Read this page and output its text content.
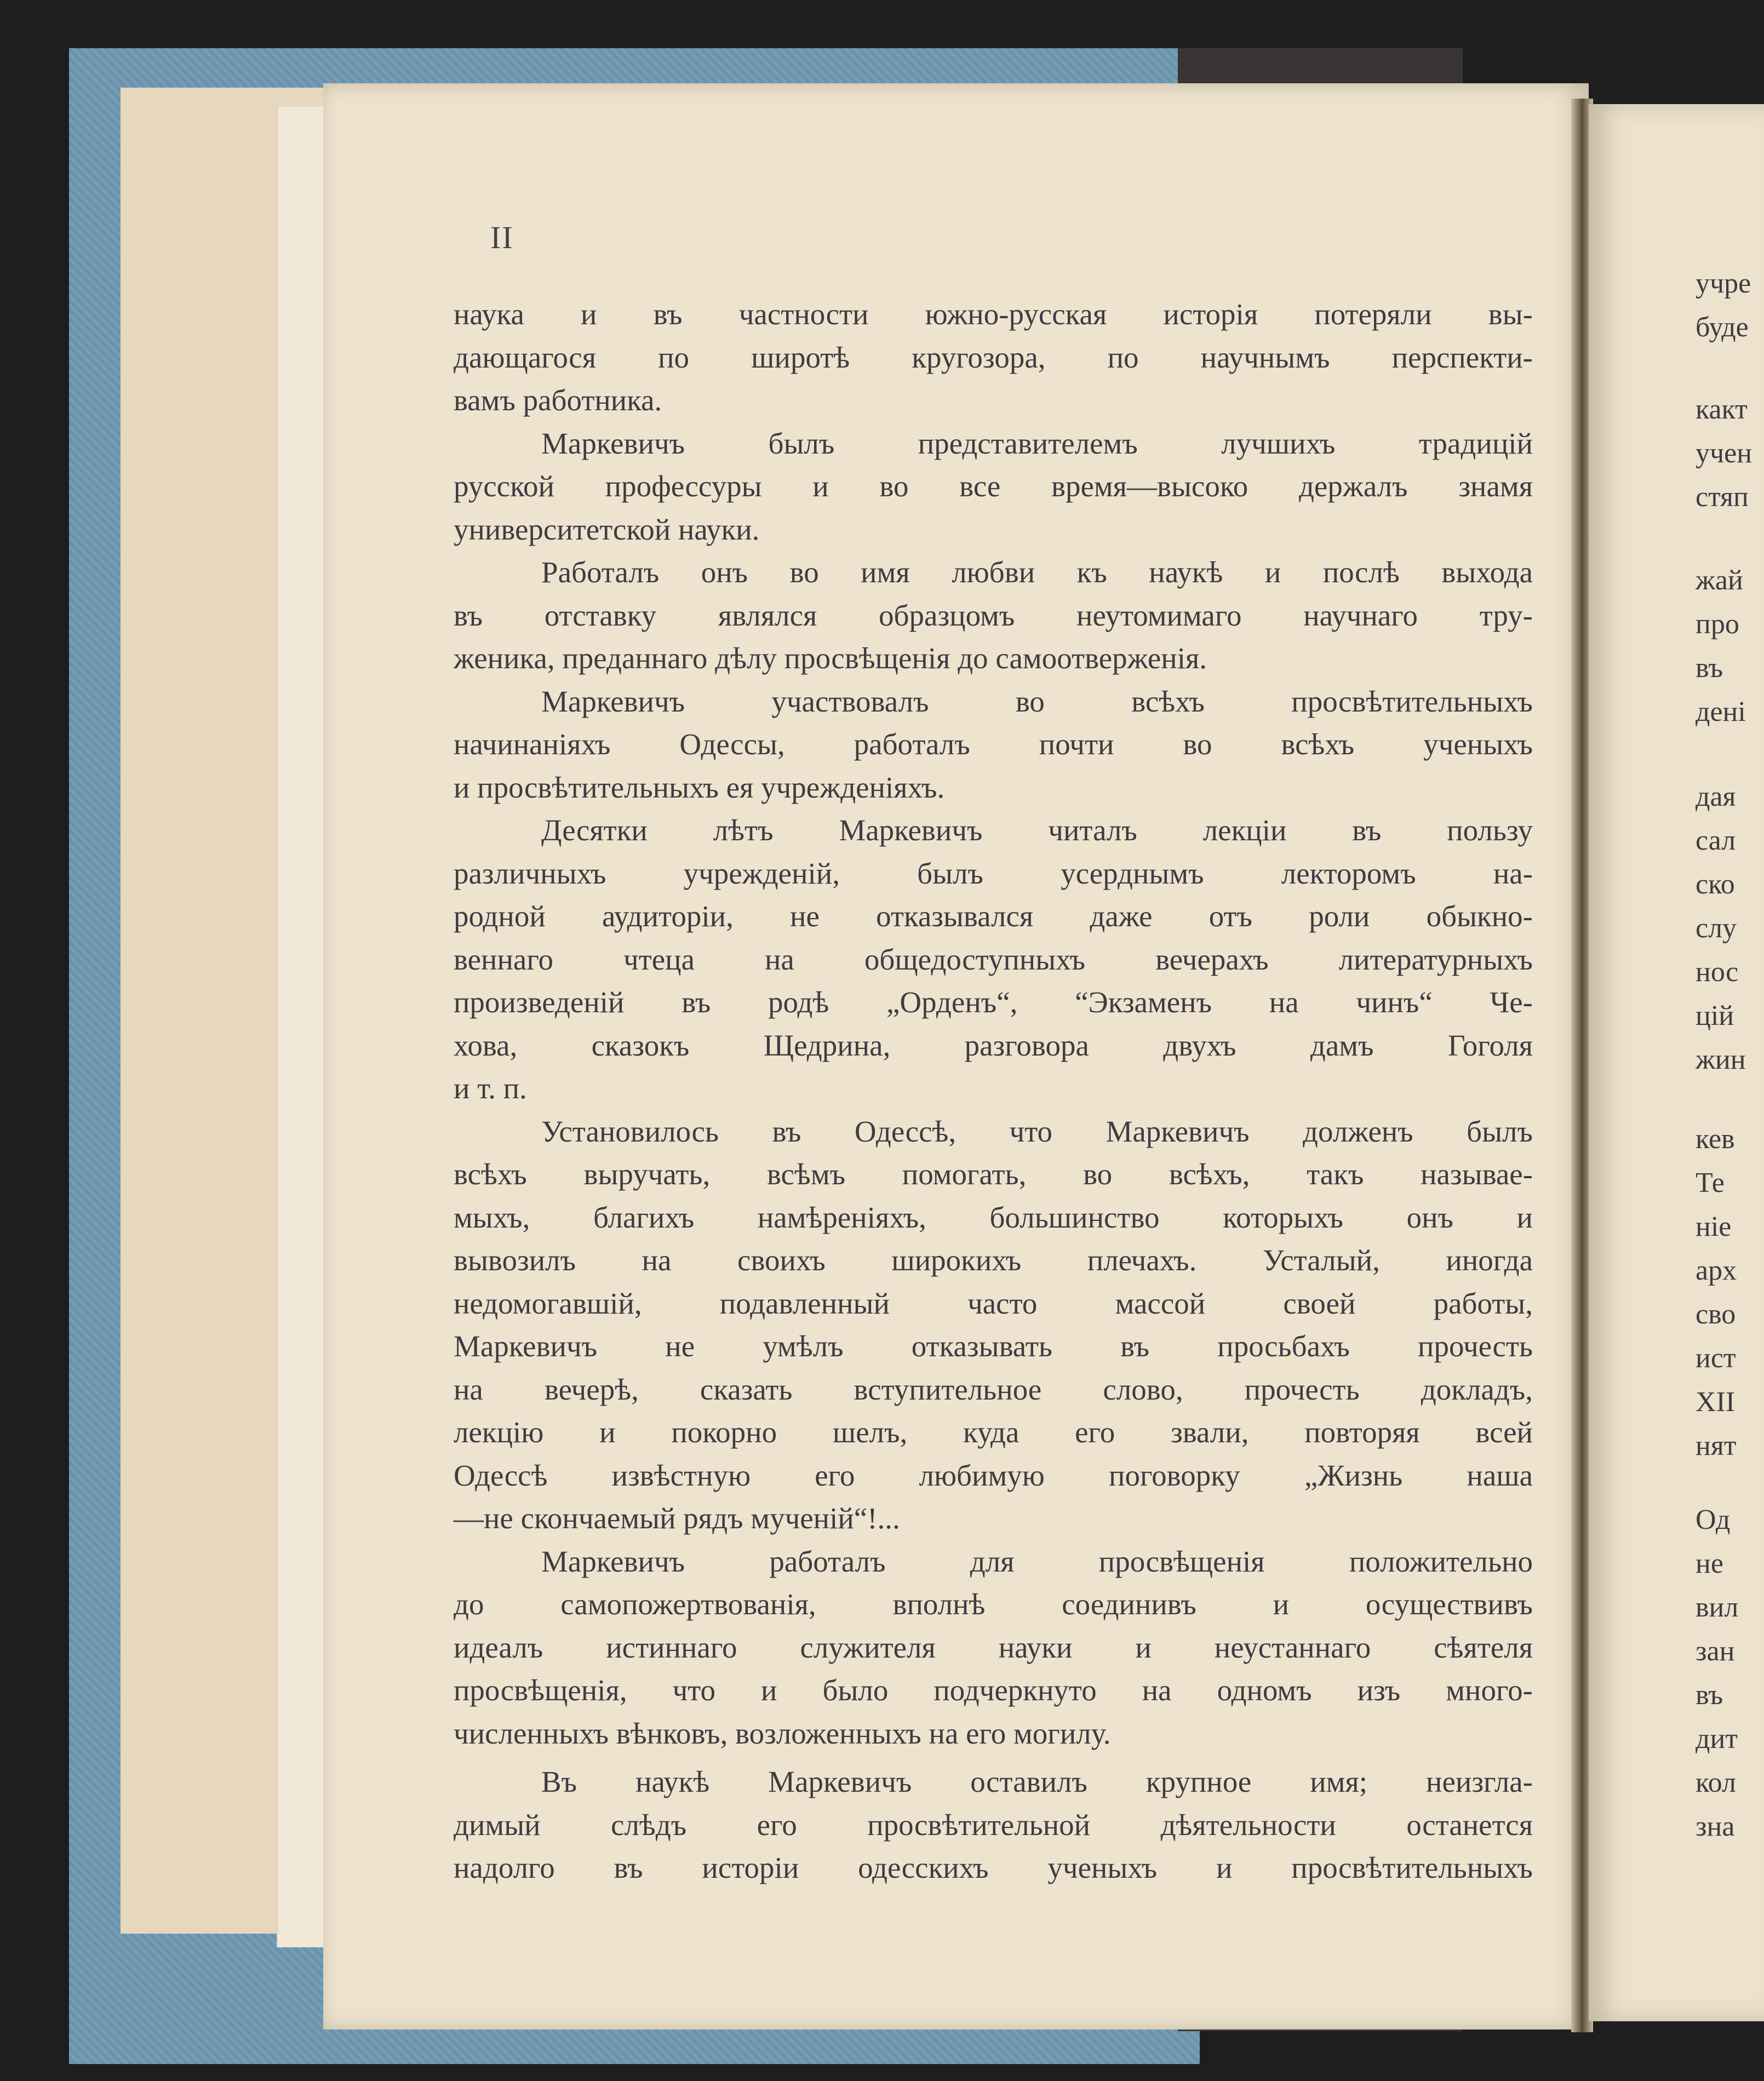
II
наука и въ частности южно-русская исторія потеряли вы-
дающагося по широтѣ кругозора, по научнымъ перспекти-
вамъ работника.
Маркевичъ былъ представителемъ лучшихъ традицій
русской профессуры и во все время—высоко держалъ знамя
университетской науки.
Работалъ онъ во имя любви къ наукѣ и послѣ выхода
въ отставку являлся образцомъ неутомимаго научнаго тру-
женика, преданнаго дѣлу просвѣщенія до самоотверженія.
Маркевичъ участвовалъ во всѣхъ просвѣтительныхъ
начинаніяхъ Одессы, работалъ почти во всѣхъ ученыхъ
и просвѣтительныхъ ея учрежденіяхъ.
Десятки лѣтъ Маркевичъ читалъ лекціи въ пользу
различныхъ учрежденій, былъ усерднымъ лекторомъ на-
родной аудиторіи, не отказывался даже отъ роли обыкно-
веннаго чтеца на общедоступныхъ вечерахъ литературныхъ
произведеній въ родѣ „Орденъ“, “Экзаменъ на чинъ“ Че-
хова, сказокъ Щедрина, разговора двухъ дамъ Гоголя
и т. п.
Установилось въ Одессѣ, что Маркевичъ долженъ былъ
всѣхъ выручать, всѣмъ помогать, во всѣхъ, такъ называе-
мыхъ, благихъ намѣреніяхъ, большинство которыхъ онъ и
вывозилъ на своихъ широкихъ плечахъ. Усталый, иногда
недомогавшій, подавленный часто массой своей работы,
Маркевичъ не умѣлъ отказывать въ просьбахъ прочесть
на вечерѣ, сказать вступительное слово, прочесть докладъ,
лекцію и покорно шелъ, куда его звали, повторяя всей
Одессѣ извѣстную его любимую поговорку „Жизнь наша
—не скончаемый рядъ мученій“!...
Маркевичъ работалъ для просвѣщенія положительно
до самопожертвованія, вполнѣ соединивъ и осуществивъ
идеалъ истиннаго служителя науки и неустаннаго сѣятеля
просвѣщенія, что и было подчеркнуто на одномъ изъ много-
численныхъ вѣнковъ, возложенныхъ на его могилу.
Въ наукѣ Маркевичъ оставилъ крупное имя; неизгла-
димый слѣдъ его просвѣтительной дѣятельности останется
надолго въ исторіи одесскихъ ученыхъ и просвѣтительныхъ
учре
буде
какт
учен
стяп
жай
про
въ
дені
дая
сал
ско
слу
нос
цій
жин
кев
Те
ніе
арх
сво
ист
XII
нят
Од
не
вил
зан
въ
дит
кол
зна
